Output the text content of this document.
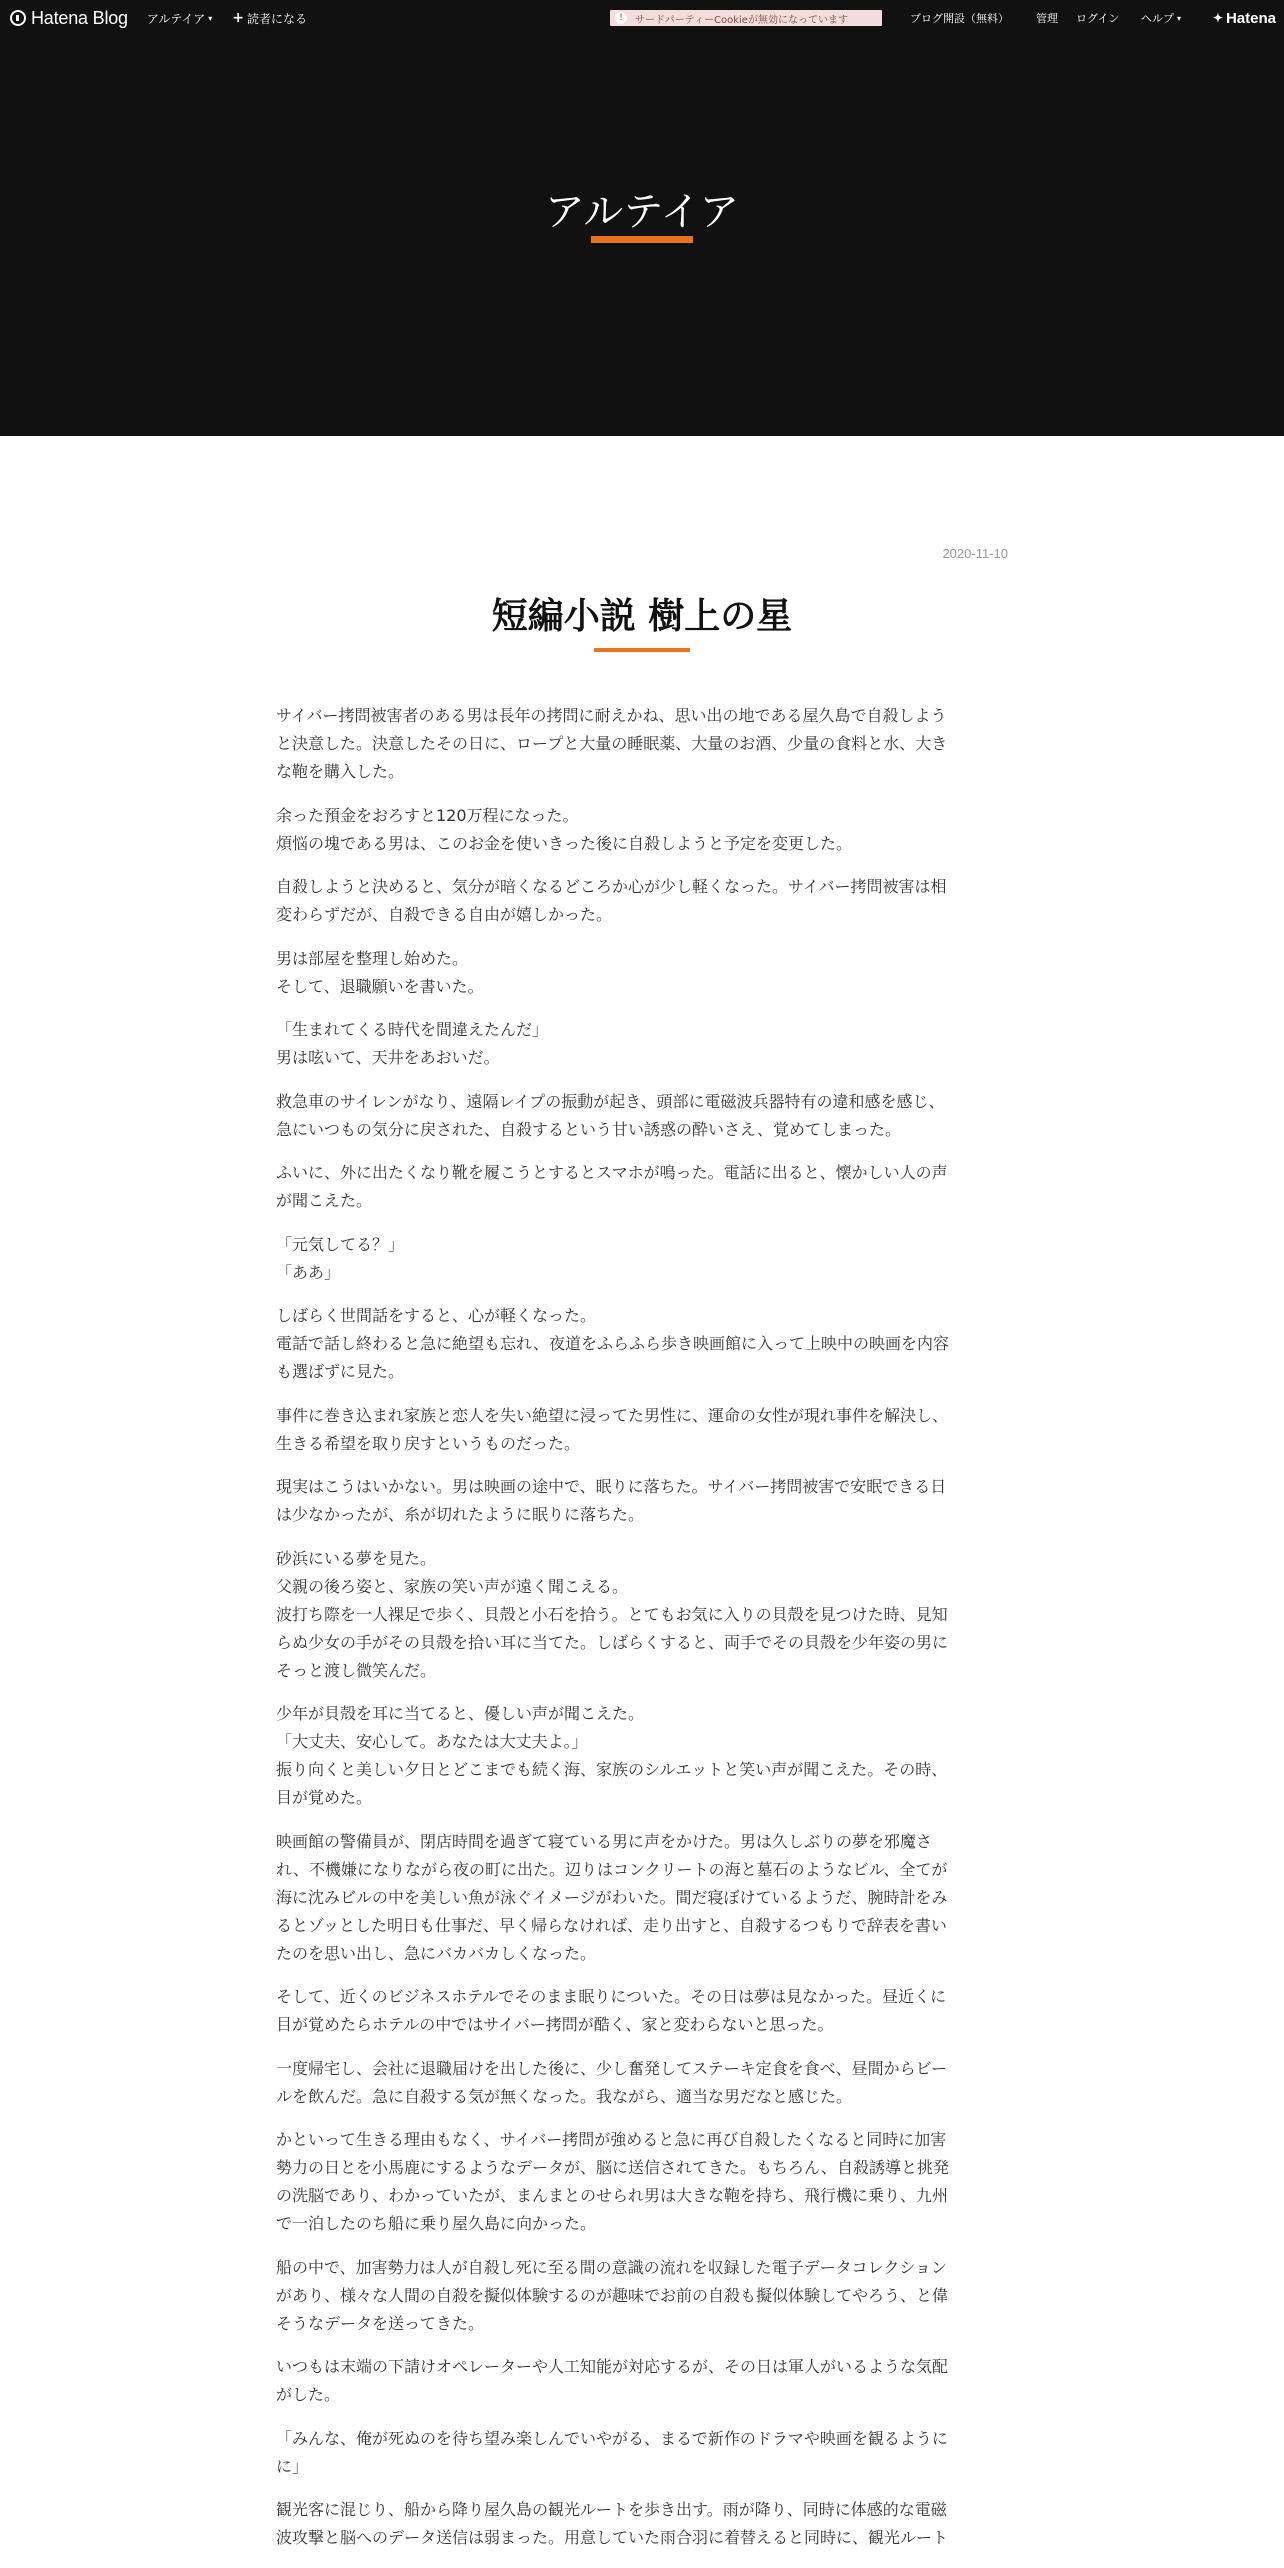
Hatena Blog アルテイア ▾ + 読者になる	!	サードパーティーCookieが無効になっています	ブログ開設（無料） 管理 ログイン ヘルプ ▾	✦ Hatena
アルテイア
2020-11-10
短編小説 樹上の星

サイバー拷問被害者のある男は長年の拷問に耐えかね、思い出の地である屋久島で自殺しよう
と決意した。決意したその日に、ロープと大量の睡眠薬、大量のお酒、少量の食料と水、大き
な鞄を購入した。

余った預金をおろすと120万程になった。
煩悩の塊である男は、このお金を使いきった後に自殺しようと予定を変更した。

自殺しようと決めると、気分が暗くなるどころか心が少し軽くなった。サイバー拷問被害は相
変わらずだが、自殺できる自由が嬉しかった。

男は部屋を整理し始めた。
そして、退職願いを書いた。

「生まれてくる時代を間違えたんだ」
男は呟いて、天井をあおいだ。

救急車のサイレンがなり、遠隔レイプの振動が起き、頭部に電磁波兵器特有の違和感を感じ、
急にいつもの気分に戻された、自殺するという甘い誘惑の酔いさえ、覚めてしまった。

ふいに、外に出たくなり靴を履こうとするとスマホが鳴った。電話に出ると、懐かしい人の声
が聞こえた。

「元気してる？」
「ああ」

しばらく世間話をすると、心が軽くなった。
電話で話し終わると急に絶望も忘れ、夜道をふらふら歩き映画館に入って上映中の映画を内容
も選ばずに見た。

事件に巻き込まれ家族と恋人を失い絶望に浸ってた男性に、運命の女性が現れ事件を解決し、
生きる希望を取り戻すというものだった。

現実はこうはいかない。男は映画の途中で、眠りに落ちた。サイバー拷問被害で安眠できる日
は少なかったが、糸が切れたように眠りに落ちた。

砂浜にいる夢を見た。
父親の後ろ姿と、家族の笑い声が遠く聞こえる。
波打ち際を一人裸足で歩く、貝殻と小石を拾う。とてもお気に入りの貝殻を見つけた時、見知
らぬ少女の手がその貝殻を拾い耳に当てた。しばらくすると、両手でその貝殻を少年姿の男に
そっと渡し微笑んだ。

少年が貝殻を耳に当てると、優しい声が聞こえた。
「大丈夫、安心して。あなたは大丈夫よ。」
振り向くと美しい夕日とどこまでも続く海、家族のシルエットと笑い声が聞こえた。その時、
目が覚めた。

映画館の警備員が、閉店時間を過ぎて寝ている男に声をかけた。男は久しぶりの夢を邪魔さ
れ、不機嫌になりながら夜の町に出た。辺りはコンクリートの海と墓石のようなビル、全てが
海に沈みビルの中を美しい魚が泳ぐイメージがわいた。間だ寝ぼけているようだ、腕時計をみ
るとゾッとした明日も仕事だ、早く帰らなければ、走り出すと、自殺するつもりで辞表を書い
たのを思い出し、急にバカバカしくなった。

そして、近くのビジネスホテルでそのまま眠りについた。その日は夢は見なかった。昼近くに
目が覚めたらホテルの中ではサイバー拷問が酷く、家と変わらないと思った。

一度帰宅し、会社に退職届けを出した後に、少し奮発してステーキ定食を食べ、昼間からビー
ルを飲んだ。急に自殺する気が無くなった。我ながら、適当な男だなと感じた。

かといって生きる理由もなく、サイバー拷問が強めると急に再び自殺したくなると同時に加害
勢力の日とを小馬鹿にするようなデータが、脳に送信されてきた。もちろん、自殺誘導と挑発
の洗脳であり、わかっていたが、まんまとのせられ男は大きな鞄を持ち、飛行機に乗り、九州
で一泊したのち船に乗り屋久島に向かった。

船の中で、加害勢力は人が自殺し死に至る間の意識の流れを収録した電子データコレクション
があり、様々な人間の自殺を擬似体験するのが趣味でお前の自殺も擬似体験してやろう、と偉
そうなデータを送ってきた。

いつもは末端の下請けオペレーターや人工知能が対応するが、その日は軍人がいるような気配
がした。

「みんな、俺が死ぬのを待ち望み楽しんでいやがる、まるで新作のドラマや映画を観るように
に」

観光客に混じり、船から降り屋久島の観光ルートを歩き出す。雨が降り、同時に体感的な電磁
波攻撃と脳へのデータ送信は弱まった。用意していた雨合羽に着替えると同時に、観光ルート
